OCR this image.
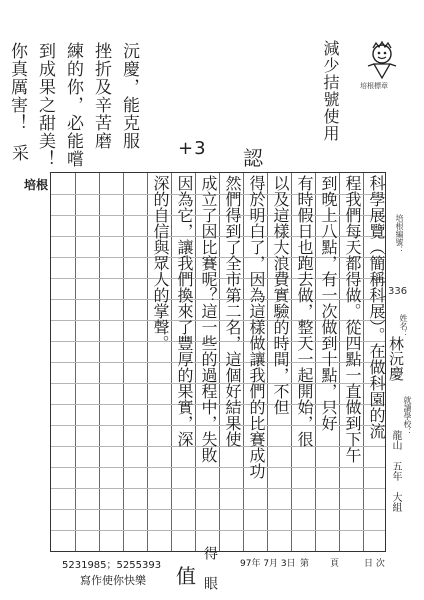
減少拮號使用	培根標章
沅慶，能克服
挫折及辛苦磨
練的你，必能嚐
到成果之甜美！
你真厲害！
采	+3 認
培根	科學展覽（簡稱科展）。在做科園的流
程我們每天都得做。從四點一直做到下午
到晚上八點，有一次做到十點，只好
有時假日也跑去做，整天一起開始，很
以及這樣大浪費實驗的時間，不但
得於明白了，因為這樣做讓我們的比賽成功
然們得到了全市第二名，這個好結果使
成立了因比賽呢？這一些的過程中，失敗
因為它，讓我們換來了豐厚的果實，深
深的自信與眾人的掌聲。	培根編號：
336
姓名：
林沅慶
就讀學校：
龍山 五年 大組
97年 7月 3日 第 頁	日 次
5231985；5255393
寫作使你快樂 值 得 眼
